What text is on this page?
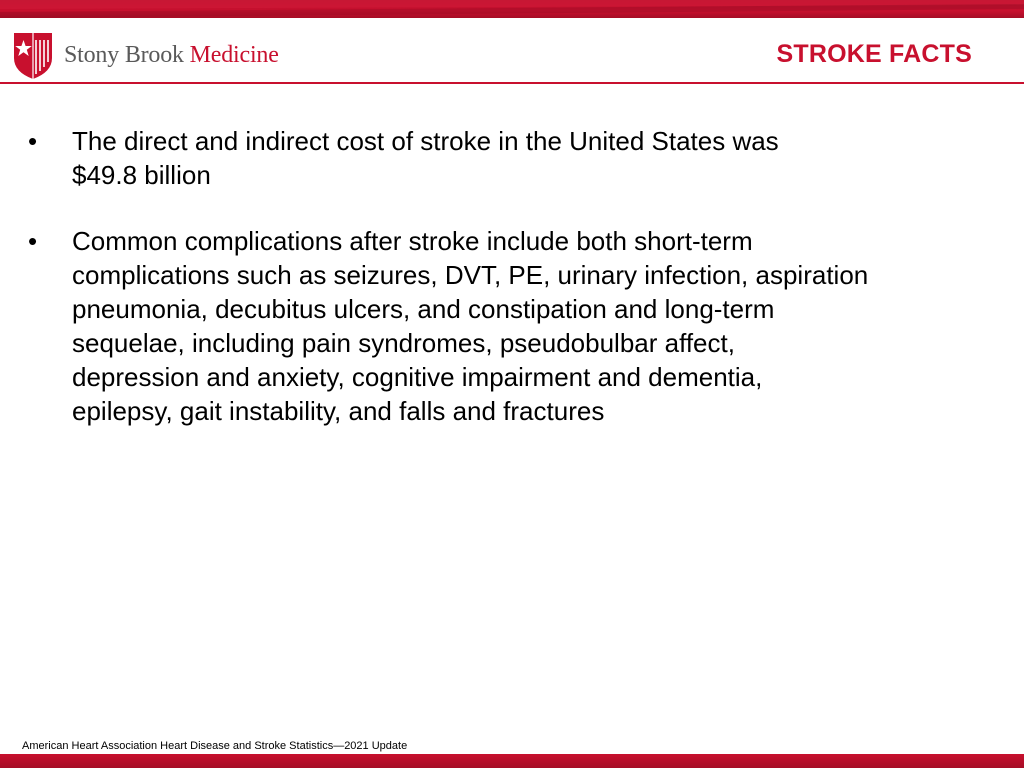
Stony Brook Medicine	STROKE FACTS
•	The direct and indirect cost of stroke in the United States was
$49.8 billion
•	Common complications after stroke include both short-term
complications such as seizures, DVT, PE, urinary infection, aspiration
pneumonia, decubitus ulcers, and constipation and long-term
sequelae, including pain syndromes, pseudobulbar affect,
depression and anxiety, cognitive impairment and dementia,
epilepsy, gait instability, and falls and fractures
American Heart Association Heart Disease and Stroke Statistics—2021 Update
